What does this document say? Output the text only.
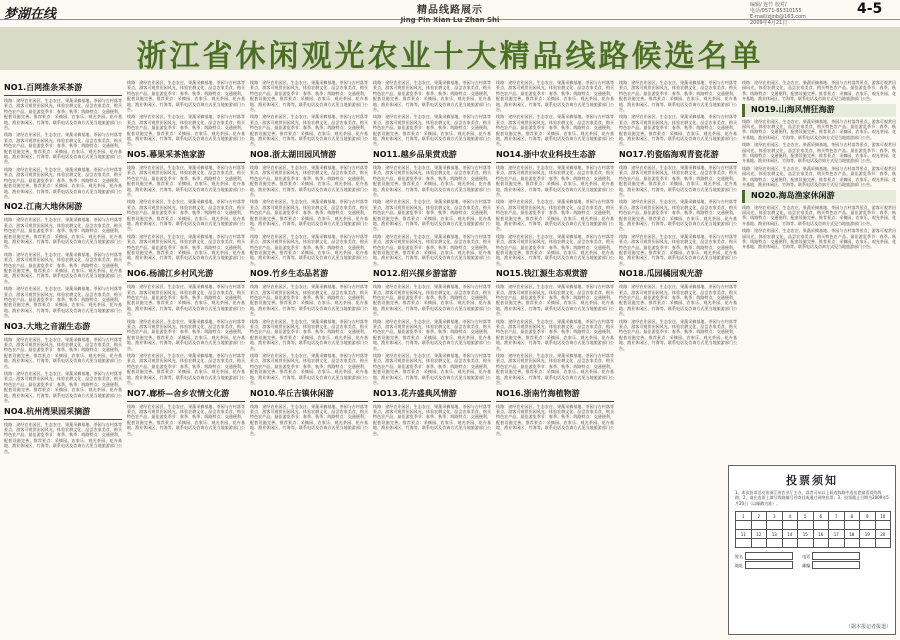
梦湖在线	精品线路展示
Jing Pin Xian Lu Zhan Shi
编辑/ 连竹 校对/
电话/0571-85310155
E-mail/zjjnb@163.com
2009年4月21日
4-5
浙江省休闲观光农业十大精品线路候选名单
NO1.百网推条采茶游
线路：途经农业园区、生态农庄、果蔬采摘基地、茶园与古村落等景点，游客可观赏田园风光，体验农耕文化，品尝农家美食，购买特色农产品。最佳游览季节：春季、秋季；线路特点：交通便利，配套设施完善。推荐景点：采摘园、农家乐、观光茶园、花卉基地、渔业休闲区、竹海等。联系电话及咨询方式见当地旅游部门公告。
线路：途经农业园区、生态农庄、果蔬采摘基地、茶园与古村落等景点，游客可观赏田园风光，体验农耕文化，品尝农家美食，购买特色农产品。最佳游览季节：春季、秋季；线路特点：交通便利，配套设施完善。推荐景点：采摘园、农家乐、观光茶园、花卉基地、渔业休闲区、竹海等。联系电话及咨询方式见当地旅游部门公告。
线路：途经农业园区、生态农庄、果蔬采摘基地、茶园与古村落等景点，游客可观赏田园风光，体验农耕文化，品尝农家美食，购买特色农产品。最佳游览季节：春季、秋季；线路特点：交通便利，配套设施完善。推荐景点：采摘园、农家乐、观光茶园、花卉基地、渔业休闲区、竹海等。联系电话及咨询方式见当地旅游部门公告。
NO2.江南大地休闲游
线路：途经农业园区、生态农庄、果蔬采摘基地、茶园与古村落等景点，游客可观赏田园风光，体验农耕文化，品尝农家美食，购买特色农产品。最佳游览季节：春季、秋季；线路特点：交通便利，配套设施完善。推荐景点：采摘园、农家乐、观光茶园、花卉基地、渔业休闲区、竹海等。联系电话及咨询方式见当地旅游部门公告。
线路：途经农业园区、生态农庄、果蔬采摘基地、茶园与古村落等景点，游客可观赏田园风光，体验农耕文化，品尝农家美食，购买特色农产品。最佳游览季节：春季、秋季；线路特点：交通便利，配套设施完善。推荐景点：采摘园、农家乐、观光茶园、花卉基地、渔业休闲区、竹海等。联系电话及咨询方式见当地旅游部门公告。
线路：途经农业园区、生态农庄、果蔬采摘基地、茶园与古村落等景点，游客可观赏田园风光，体验农耕文化，品尝农家美食，购买特色农产品。最佳游览季节：春季、秋季；线路特点：交通便利，配套设施完善。推荐景点：采摘园、农家乐、观光茶园、花卉基地、渔业休闲区、竹海等。联系电话及咨询方式见当地旅游部门公告。
NO3.大地之音湖生态游
线路：途经农业园区、生态农庄、果蔬采摘基地、茶园与古村落等景点，游客可观赏田园风光，体验农耕文化，品尝农家美食，购买特色农产品。最佳游览季节：春季、秋季；线路特点：交通便利，配套设施完善。推荐景点：采摘园、农家乐、观光茶园、花卉基地、渔业休闲区、竹海等。联系电话及咨询方式见当地旅游部门公告。
线路：途经农业园区、生态农庄、果蔬采摘基地、茶园与古村落等景点，游客可观赏田园风光，体验农耕文化，品尝农家美食，购买特色农产品。最佳游览季节：春季、秋季；线路特点：交通便利，配套设施完善。推荐景点：采摘园、农家乐、观光茶园、花卉基地、渔业休闲区、竹海等。联系电话及咨询方式见当地旅游部门公告。
NO4.杭州湾果园采摘游
线路：途经农业园区、生态农庄、果蔬采摘基地、茶园与古村落等景点，游客可观赏田园风光，体验农耕文化，品尝农家美食，购买特色农产品。最佳游览季节：春季、秋季；线路特点：交通便利，配套设施完善。推荐景点：采摘园、农家乐、观光茶园、花卉基地、渔业休闲区、竹海等。联系电话及咨询方式见当地旅游部门公告。
线路：途经农业园区、生态农庄、果蔬采摘基地、茶园与古村落等景点，游客可观赏田园风光，体验农耕文化，品尝农家美食，购买特色农产品。最佳游览季节：春季、秋季；线路特点：交通便利，配套设施完善。推荐景点：采摘园、农家乐、观光茶园、花卉基地、渔业休闲区、竹海等。联系电话及咨询方式见当地旅游部门公告。
线路：途经农业园区、生态农庄、果蔬采摘基地、茶园与古村落等景点，游客可观赏田园风光，体验农耕文化，品尝农家美食，购买特色农产品。最佳游览季节：春季、秋季；线路特点：交通便利，配套设施完善。推荐景点：采摘园、农家乐、观光茶园、花卉基地、渔业休闲区、竹海等。联系电话及咨询方式见当地旅游部门公告。
NO5.幕果采茶渔家游
线路：途经农业园区、生态农庄、果蔬采摘基地、茶园与古村落等景点，游客可观赏田园风光，体验农耕文化，品尝农家美食，购买特色农产品。最佳游览季节：春季、秋季；线路特点：交通便利，配套设施完善。推荐景点：采摘园、农家乐、观光茶园、花卉基地、渔业休闲区、竹海等。联系电话及咨询方式见当地旅游部门公告。
线路：途经农业园区、生态农庄、果蔬采摘基地、茶园与古村落等景点，游客可观赏田园风光，体验农耕文化，品尝农家美食，购买特色农产品。最佳游览季节：春季、秋季；线路特点：交通便利，配套设施完善。推荐景点：采摘园、农家乐、观光茶园、花卉基地、渔业休闲区、竹海等。联系电话及咨询方式见当地旅游部门公告。
线路：途经农业园区、生态农庄、果蔬采摘基地、茶园与古村落等景点，游客可观赏田园风光，体验农耕文化，品尝农家美食，购买特色农产品。最佳游览季节：春季、秋季；线路特点：交通便利，配套设施完善。推荐景点：采摘园、农家乐、观光茶园、花卉基地、渔业休闲区、竹海等。联系电话及咨询方式见当地旅游部门公告。
NO6.杨浦江乡村风光游
线路：途经农业园区、生态农庄、果蔬采摘基地、茶园与古村落等景点，游客可观赏田园风光，体验农耕文化，品尝农家美食，购买特色农产品。最佳游览季节：春季、秋季；线路特点：交通便利，配套设施完善。推荐景点：采摘园、农家乐、观光茶园、花卉基地、渔业休闲区、竹海等。联系电话及咨询方式见当地旅游部门公告。
线路：途经农业园区、生态农庄、果蔬采摘基地、茶园与古村落等景点，游客可观赏田园风光，体验农耕文化，品尝农家美食，购买特色农产品。最佳游览季节：春季、秋季；线路特点：交通便利，配套设施完善。推荐景点：采摘园、农家乐、观光茶园、花卉基地、渔业休闲区、竹海等。联系电话及咨询方式见当地旅游部门公告。
线路：途经农业园区、生态农庄、果蔬采摘基地、茶园与古村落等景点，游客可观赏田园风光，体验农耕文化，品尝农家美食，购买特色农产品。最佳游览季节：春季、秋季；线路特点：交通便利，配套设施完善。推荐景点：采摘园、农家乐、观光茶园、花卉基地、渔业休闲区、竹海等。联系电话及咨询方式见当地旅游部门公告。
NO7.廊桥—舍乡农情文化游
线路：途经农业园区、生态农庄、果蔬采摘基地、茶园与古村落等景点，游客可观赏田园风光，体验农耕文化，品尝农家美食，购买特色农产品。最佳游览季节：春季、秋季；线路特点：交通便利，配套设施完善。推荐景点：采摘园、农家乐、观光茶园、花卉基地、渔业休闲区、竹海等。联系电话及咨询方式见当地旅游部门公告。
线路：途经农业园区、生态农庄、果蔬采摘基地、茶园与古村落等景点，游客可观赏田园风光，体验农耕文化，品尝农家美食，购买特色农产品。最佳游览季节：春季、秋季；线路特点：交通便利，配套设施完善。推荐景点：采摘园、农家乐、观光茶园、花卉基地、渔业休闲区、竹海等。联系电话及咨询方式见当地旅游部门公告。
线路：途经农业园区、生态农庄、果蔬采摘基地、茶园与古村落等景点，游客可观赏田园风光，体验农耕文化，品尝农家美食，购买特色农产品。最佳游览季节：春季、秋季；线路特点：交通便利，配套设施完善。推荐景点：采摘园、农家乐、观光茶园、花卉基地、渔业休闲区、竹海等。联系电话及咨询方式见当地旅游部门公告。
NO8.浙太湖田园风情游
线路：途经农业园区、生态农庄、果蔬采摘基地、茶园与古村落等景点，游客可观赏田园风光，体验农耕文化，品尝农家美食，购买特色农产品。最佳游览季节：春季、秋季；线路特点：交通便利，配套设施完善。推荐景点：采摘园、农家乐、观光茶园、花卉基地、渔业休闲区、竹海等。联系电话及咨询方式见当地旅游部门公告。
线路：途经农业园区、生态农庄、果蔬采摘基地、茶园与古村落等景点，游客可观赏田园风光，体验农耕文化，品尝农家美食，购买特色农产品。最佳游览季节：春季、秋季；线路特点：交通便利，配套设施完善。推荐景点：采摘园、农家乐、观光茶园、花卉基地、渔业休闲区、竹海等。联系电话及咨询方式见当地旅游部门公告。
线路：途经农业园区、生态农庄、果蔬采摘基地、茶园与古村落等景点，游客可观赏田园风光，体验农耕文化，品尝农家美食，购买特色农产品。最佳游览季节：春季、秋季；线路特点：交通便利，配套设施完善。推荐景点：采摘园、农家乐、观光茶园、花卉基地、渔业休闲区、竹海等。联系电话及咨询方式见当地旅游部门公告。
NO9.竹乡生态品茗游
线路：途经农业园区、生态农庄、果蔬采摘基地、茶园与古村落等景点，游客可观赏田园风光，体验农耕文化，品尝农家美食，购买特色农产品。最佳游览季节：春季、秋季；线路特点：交通便利，配套设施完善。推荐景点：采摘园、农家乐、观光茶园、花卉基地、渔业休闲区、竹海等。联系电话及咨询方式见当地旅游部门公告。
线路：途经农业园区、生态农庄、果蔬采摘基地、茶园与古村落等景点，游客可观赏田园风光，体验农耕文化，品尝农家美食，购买特色农产品。最佳游览季节：春季、秋季；线路特点：交通便利，配套设施完善。推荐景点：采摘园、农家乐、观光茶园、花卉基地、渔业休闲区、竹海等。联系电话及咨询方式见当地旅游部门公告。
线路：途经农业园区、生态农庄、果蔬采摘基地、茶园与古村落等景点，游客可观赏田园风光，体验农耕文化，品尝农家美食，购买特色农产品。最佳游览季节：春季、秋季；线路特点：交通便利，配套设施完善。推荐景点：采摘园、农家乐、观光茶园、花卉基地、渔业休闲区、竹海等。联系电话及咨询方式见当地旅游部门公告。
NO10.华丘吉镇休闲游
线路：途经农业园区、生态农庄、果蔬采摘基地、茶园与古村落等景点，游客可观赏田园风光，体验农耕文化，品尝农家美食，购买特色农产品。最佳游览季节：春季、秋季；线路特点：交通便利，配套设施完善。推荐景点：采摘园、农家乐、观光茶园、花卉基地、渔业休闲区、竹海等。联系电话及咨询方式见当地旅游部门公告。
线路：途经农业园区、生态农庄、果蔬采摘基地、茶园与古村落等景点，游客可观赏田园风光，体验农耕文化，品尝农家美食，购买特色农产品。最佳游览季节：春季、秋季；线路特点：交通便利，配套设施完善。推荐景点：采摘园、农家乐、观光茶园、花卉基地、渔业休闲区、竹海等。联系电话及咨询方式见当地旅游部门公告。
线路：途经农业园区、生态农庄、果蔬采摘基地、茶园与古村落等景点，游客可观赏田园风光，体验农耕文化，品尝农家美食，购买特色农产品。最佳游览季节：春季、秋季；线路特点：交通便利，配套设施完善。推荐景点：采摘园、农家乐、观光茶园、花卉基地、渔业休闲区、竹海等。联系电话及咨询方式见当地旅游部门公告。
NO11.越乡品果赏戏游
线路：途经农业园区、生态农庄、果蔬采摘基地、茶园与古村落等景点，游客可观赏田园风光，体验农耕文化，品尝农家美食，购买特色农产品。最佳游览季节：春季、秋季；线路特点：交通便利，配套设施完善。推荐景点：采摘园、农家乐、观光茶园、花卉基地、渔业休闲区、竹海等。联系电话及咨询方式见当地旅游部门公告。
线路：途经农业园区、生态农庄、果蔬采摘基地、茶园与古村落等景点，游客可观赏田园风光，体验农耕文化，品尝农家美食，购买特色农产品。最佳游览季节：春季、秋季；线路特点：交通便利，配套设施完善。推荐景点：采摘园、农家乐、观光茶园、花卉基地、渔业休闲区、竹海等。联系电话及咨询方式见当地旅游部门公告。
线路：途经农业园区、生态农庄、果蔬采摘基地、茶园与古村落等景点，游客可观赏田园风光，体验农耕文化，品尝农家美食，购买特色农产品。最佳游览季节：春季、秋季；线路特点：交通便利，配套设施完善。推荐景点：采摘园、农家乐、观光茶园、花卉基地、渔业休闲区、竹海等。联系电话及咨询方式见当地旅游部门公告。
NO12.绍兴探乡游富游
线路：途经农业园区、生态农庄、果蔬采摘基地、茶园与古村落等景点，游客可观赏田园风光，体验农耕文化，品尝农家美食，购买特色农产品。最佳游览季节：春季、秋季；线路特点：交通便利，配套设施完善。推荐景点：采摘园、农家乐、观光茶园、花卉基地、渔业休闲区、竹海等。联系电话及咨询方式见当地旅游部门公告。
线路：途经农业园区、生态农庄、果蔬采摘基地、茶园与古村落等景点，游客可观赏田园风光，体验农耕文化，品尝农家美食，购买特色农产品。最佳游览季节：春季、秋季；线路特点：交通便利，配套设施完善。推荐景点：采摘园、农家乐、观光茶园、花卉基地、渔业休闲区、竹海等。联系电话及咨询方式见当地旅游部门公告。
线路：途经农业园区、生态农庄、果蔬采摘基地、茶园与古村落等景点，游客可观赏田园风光，体验农耕文化，品尝农家美食，购买特色农产品。最佳游览季节：春季、秋季；线路特点：交通便利，配套设施完善。推荐景点：采摘园、农家乐、观光茶园、花卉基地、渔业休闲区、竹海等。联系电话及咨询方式见当地旅游部门公告。
NO13.花卉盛典风情游
线路：途经农业园区、生态农庄、果蔬采摘基地、茶园与古村落等景点，游客可观赏田园风光，体验农耕文化，品尝农家美食，购买特色农产品。最佳游览季节：春季、秋季；线路特点：交通便利，配套设施完善。推荐景点：采摘园、农家乐、观光茶园、花卉基地、渔业休闲区、竹海等。联系电话及咨询方式见当地旅游部门公告。
线路：途经农业园区、生态农庄、果蔬采摘基地、茶园与古村落等景点，游客可观赏田园风光，体验农耕文化，品尝农家美食，购买特色农产品。最佳游览季节：春季、秋季；线路特点：交通便利，配套设施完善。推荐景点：采摘园、农家乐、观光茶园、花卉基地、渔业休闲区、竹海等。联系电话及咨询方式见当地旅游部门公告。
线路：途经农业园区、生态农庄、果蔬采摘基地、茶园与古村落等景点，游客可观赏田园风光，体验农耕文化，品尝农家美食，购买特色农产品。最佳游览季节：春季、秋季；线路特点：交通便利，配套设施完善。推荐景点：采摘园、农家乐、观光茶园、花卉基地、渔业休闲区、竹海等。联系电话及咨询方式见当地旅游部门公告。
NO14.浙中农业科技生态游
线路：途经农业园区、生态农庄、果蔬采摘基地、茶园与古村落等景点，游客可观赏田园风光，体验农耕文化，品尝农家美食，购买特色农产品。最佳游览季节：春季、秋季；线路特点：交通便利，配套设施完善。推荐景点：采摘园、农家乐、观光茶园、花卉基地、渔业休闲区、竹海等。联系电话及咨询方式见当地旅游部门公告。
线路：途经农业园区、生态农庄、果蔬采摘基地、茶园与古村落等景点，游客可观赏田园风光，体验农耕文化，品尝农家美食，购买特色农产品。最佳游览季节：春季、秋季；线路特点：交通便利，配套设施完善。推荐景点：采摘园、农家乐、观光茶园、花卉基地、渔业休闲区、竹海等。联系电话及咨询方式见当地旅游部门公告。
线路：途经农业园区、生态农庄、果蔬采摘基地、茶园与古村落等景点，游客可观赏田园风光，体验农耕文化，品尝农家美食，购买特色农产品。最佳游览季节：春季、秋季；线路特点：交通便利，配套设施完善。推荐景点：采摘园、农家乐、观光茶园、花卉基地、渔业休闲区、竹海等。联系电话及咨询方式见当地旅游部门公告。
NO15.钱江源生态观赏游
线路：途经农业园区、生态农庄、果蔬采摘基地、茶园与古村落等景点，游客可观赏田园风光，体验农耕文化，品尝农家美食，购买特色农产品。最佳游览季节：春季、秋季；线路特点：交通便利，配套设施完善。推荐景点：采摘园、农家乐、观光茶园、花卉基地、渔业休闲区、竹海等。联系电话及咨询方式见当地旅游部门公告。
线路：途经农业园区、生态农庄、果蔬采摘基地、茶园与古村落等景点，游客可观赏田园风光，体验农耕文化，品尝农家美食，购买特色农产品。最佳游览季节：春季、秋季；线路特点：交通便利，配套设施完善。推荐景点：采摘园、农家乐、观光茶园、花卉基地、渔业休闲区、竹海等。联系电话及咨询方式见当地旅游部门公告。
线路：途经农业园区、生态农庄、果蔬采摘基地、茶园与古村落等景点，游客可观赏田园风光，体验农耕文化，品尝农家美食，购买特色农产品。最佳游览季节：春季、秋季；线路特点：交通便利，配套设施完善。推荐景点：采摘园、农家乐、观光茶园、花卉基地、渔业休闲区、竹海等。联系电话及咨询方式见当地旅游部门公告。
NO16.浙南竹海植物游
线路：途经农业园区、生态农庄、果蔬采摘基地、茶园与古村落等景点，游客可观赏田园风光，体验农耕文化，品尝农家美食，购买特色农产品。最佳游览季节：春季、秋季；线路特点：交通便利，配套设施完善。推荐景点：采摘园、农家乐、观光茶园、花卉基地、渔业休闲区、竹海等。联系电话及咨询方式见当地旅游部门公告。
线路：途经农业园区、生态农庄、果蔬采摘基地、茶园与古村落等景点，游客可观赏田园风光，体验农耕文化，品尝农家美食，购买特色农产品。最佳游览季节：春季、秋季；线路特点：交通便利，配套设施完善。推荐景点：采摘园、农家乐、观光茶园、花卉基地、渔业休闲区、竹海等。联系电话及咨询方式见当地旅游部门公告。
线路：途经农业园区、生态农庄、果蔬采摘基地、茶园与古村落等景点，游客可观赏田园风光，体验农耕文化，品尝农家美食，购买特色农产品。最佳游览季节：春季、秋季；线路特点：交通便利，配套设施完善。推荐景点：采摘园、农家乐、观光茶园、花卉基地、渔业休闲区、竹海等。联系电话及咨询方式见当地旅游部门公告。
NO17.钓瓷临海观青瓷花游
线路：途经农业园区、生态农庄、果蔬采摘基地、茶园与古村落等景点，游客可观赏田园风光，体验农耕文化，品尝农家美食，购买特色农产品。最佳游览季节：春季、秋季；线路特点：交通便利，配套设施完善。推荐景点：采摘园、农家乐、观光茶园、花卉基地、渔业休闲区、竹海等。联系电话及咨询方式见当地旅游部门公告。
线路：途经农业园区、生态农庄、果蔬采摘基地、茶园与古村落等景点，游客可观赏田园风光，体验农耕文化，品尝农家美食，购买特色农产品。最佳游览季节：春季、秋季；线路特点：交通便利，配套设施完善。推荐景点：采摘园、农家乐、观光茶园、花卉基地、渔业休闲区、竹海等。联系电话及咨询方式见当地旅游部门公告。
线路：途经农业园区、生态农庄、果蔬采摘基地、茶园与古村落等景点，游客可观赏田园风光，体验农耕文化，品尝农家美食，购买特色农产品。最佳游览季节：春季、秋季；线路特点：交通便利，配套设施完善。推荐景点：采摘园、农家乐、观光茶园、花卉基地、渔业休闲区、竹海等。联系电话及咨询方式见当地旅游部门公告。
NO18.瓜园橘园观光游
线路：途经农业园区、生态农庄、果蔬采摘基地、茶园与古村落等景点，游客可观赏田园风光，体验农耕文化，品尝农家美食，购买特色农产品。最佳游览季节：春季、秋季；线路特点：交通便利，配套设施完善。推荐景点：采摘园、农家乐、观光茶园、花卉基地、渔业休闲区、竹海等。联系电话及咨询方式见当地旅游部门公告。
线路：途经农业园区、生态农庄、果蔬采摘基地、茶园与古村落等景点，游客可观赏田园风光，体验农耕文化，品尝农家美食，购买特色农产品。最佳游览季节：春季、秋季；线路特点：交通便利，配套设施完善。推荐景点：采摘园、农家乐、观光茶园、花卉基地、渔业休闲区、竹海等。联系电话及咨询方式见当地旅游部门公告。
线路：途经农业园区、生态农庄、果蔬采摘基地、茶园与古村落等景点，游客可观赏田园风光，体验农耕文化，品尝农家美食，购买特色农产品。最佳游览季节：春季、秋季；线路特点：交通便利，配套设施完善。推荐景点：采摘园、农家乐、观光茶园、花卉基地、渔业休闲区、竹海等。联系电话及咨询方式见当地旅游部门公告。
NO19.山海风情狂海游
线路：途经农业园区、生态农庄、果蔬采摘基地、茶园与古村落等景点，游客可观赏田园风光，体验农耕文化，品尝农家美食，购买特色农产品。最佳游览季节：春季、秋季；线路特点：交通便利，配套设施完善。推荐景点：采摘园、农家乐、观光茶园、花卉基地、渔业休闲区、竹海等。联系电话及咨询方式见当地旅游部门公告。
线路：途经农业园区、生态农庄、果蔬采摘基地、茶园与古村落等景点，游客可观赏田园风光，体验农耕文化，品尝农家美食，购买特色农产品。最佳游览季节：春季、秋季；线路特点：交通便利，配套设施完善。推荐景点：采摘园、农家乐、观光茶园、花卉基地、渔业休闲区、竹海等。联系电话及咨询方式见当地旅游部门公告。
线路：途经农业园区、生态农庄、果蔬采摘基地、茶园与古村落等景点，游客可观赏田园风光，体验农耕文化，品尝农家美食，购买特色农产品。最佳游览季节：春季、秋季；线路特点：交通便利，配套设施完善。推荐景点：采摘园、农家乐、观光茶园、花卉基地、渔业休闲区、竹海等。联系电话及咨询方式见当地旅游部门公告。
NO20.海岛渔家休闲游
线路：途经农业园区、生态农庄、果蔬采摘基地、茶园与古村落等景点，游客可观赏田园风光，体验农耕文化，品尝农家美食，购买特色农产品。最佳游览季节：春季、秋季；线路特点：交通便利，配套设施完善。推荐景点：采摘园、农家乐、观光茶园、花卉基地、渔业休闲区、竹海等。联系电话及咨询方式见当地旅游部门公告。
线路：途经农业园区、生态农庄、果蔬采摘基地、茶园与古村落等景点，游客可观赏田园风光，体验农耕文化，品尝农家美食，购买特色农产品。最佳游览季节：春季、秋季；线路特点：交通便利，配套设施完善。推荐景点：采摘园、农家乐、观光茶园、花卉基地、渔业休闲区、竹海等。联系电话及咨询方式见当地旅游部门公告。
投票须知
1、本次投票活动由浙江省农业厅主办，读者可从以上候选线路中选出您最喜爱的线路；2、请在选票上填写线路编号并寄回或通过网络投票；3、投票截止日期为2009年5月20日（以邮戳为准）。
1	2	3	4	5	6	7	8	9	10

11	12	13	14	15	16	17	18	19	20

姓名	电话
地址	邮编
（据本报记者报道）
